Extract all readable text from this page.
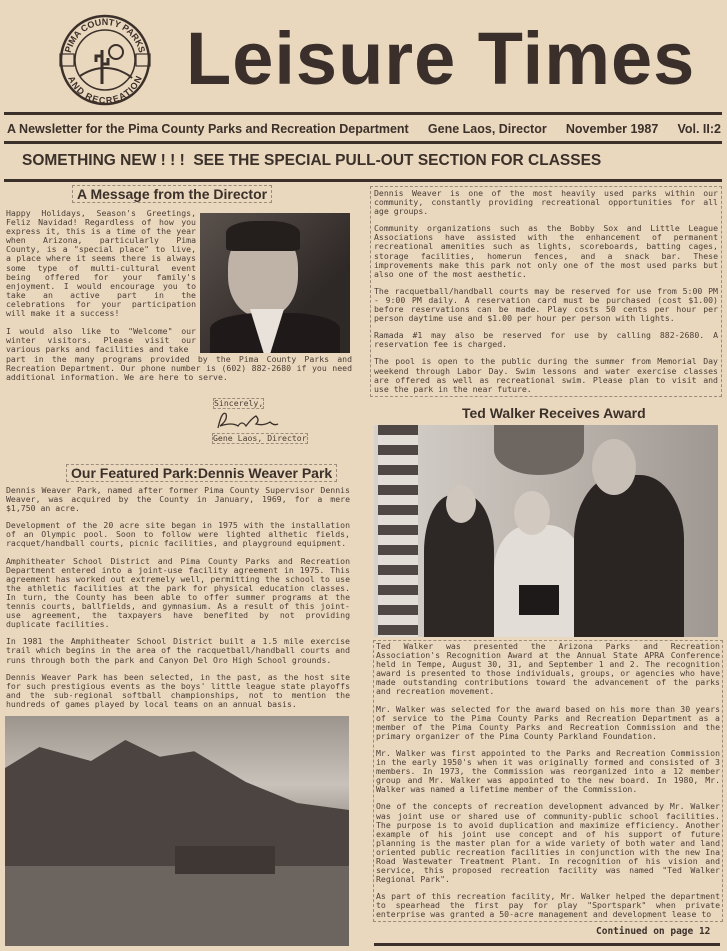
PIMA COUNTY PARKS
AND RECREATION Leisure Times
A Newsletter for the Pima County Parks and Recreation Department Gene Laos, Director November 1987 Vol. II:2
SOMETHING NEW ! ! !  SEE THE SPECIAL PULL-OUT SECTION FOR CLASSES
A Message from the Director
Happy Holidays, Season's Greetings, Feliz Navidad! Regardless of how you express it, this is a time of the year when Arizona, particularly Pima County, is a "special place" to live, a place where it seems there is always some type of multi-cultural event being offered for your family's enjoyment. I would encourage you to take an active part in the celebrations for your participation will make it a success!
I would also like to "Welcome" our winter visitors. Please visit our various parks and facilities and take
part in the many programs provided by the Pima County Parks and Recreation Department. Our phone number is (602) 882-2680 if you need additional information. We are here to serve.
Sincerely,
Gene Laos, Director
Our Featured Park:Dennis Weaver Park

Dennis Weaver Park, named after former Pima County Supervisor Dennis Weaver, was acquired by the County in January, 1969, for a mere $1,750 an acre.

Development of the 20 acre site began in 1975 with the installation of an Olympic pool. Soon to follow were lighted althetic fields, racquet/handball courts, picnic facilities, and playground equipment.

Amphitheater School District and Pima County Parks and Recreation Department entered into a joint-use facility agreement in 1975. This agreement has worked out extremely well, permitting the school to use the athletic facilities at the park for physical education classes. In turn, the County has been able to offer summer programs at the tennis courts, ballfields, and gymnasium. As a result of this joint-use agreement, the taxpayers have benefited by not providing duplicate facilities.

In 1981 the Amphitheater School District built a 1.5 mile exercise trail which begins in the area of the racquetball/handball courts and runs through both the park and Canyon Del Oro High School grounds.

Dennis Weaver Park has been selected, in the past, as the host site for such prestigious events as the boys' little league state playoffs and the sub-regional softball championships, not to mention the hundreds of games played by local teams on an annual basis.

Dennis Weaver is one of the most heavily used parks within our community, constantly providing recreational opportunities for all age groups.

Community organizations such as the Bobby Sox and Little League Associations have assisted with the enhancement of permanent recreational amenities such as lights, scoreboards, batting cages, storage facilities, homerun fences, and a snack bar. These improvements make this park not only one of the most used parks but also one of the most aesthetic.

The racquetball/handball courts may be reserved for use from 5:00 PM - 9:00 PM daily. A reservation card must be purchased (cost $1.00) before reservations can be made. Play costs 50 cents per hour per person daytime use and $1.00 per hour per person with lights.

Ramada #1 may also be reserved for use by calling 882-2680. A reservation fee is charged.

The pool is open to the public during the summer from Memorial Day weekend through Labor Day. Swim lessons and water exercise classes are offered as well as recreational swim. Please plan to visit and use the park in the near future.

Ted Walker Receives Award

Ted Walker was presented the Arizona Parks and Recreation Association's Recognition Award at the Annual State APRA Conference held in Tempe, August 30, 31, and September 1 and 2. The recognition award is presented to those individuals, groups, or agencies who have made outstanding contributions toward the advancement of the parks and recreation movement.

Mr. Walker was selected for the award based on his more than 30 years of service to the Pima County Parks and Recreation Department as a member of the Pima County Parks and Recreation Commission and the primary organizer of the Pima County Parkland Foundation.

Mr. Walker was first appointed to the Parks and Recreation Commission in the early 1950's when it was originally formed and consisted of 3 members. In 1973, the Commission was reorganized into a 12 member group and Mr. Walker was appointed to the new board. In 1980, Mr. Walker was named a lifetime member of the Commission.

One of the concepts of recreation development advanced by Mr. Walker was joint use or shared use of community-public school facilities. The purpose is to avoid duplication and maximize efficiency. Another example of his joint use concept and of his support of future planning is the master plan for a wide variety of both water and land oriented public recreation facilities in conjunction with the new Ina Road Wastewater Treatment Plant. In recognition of his vision and service, this proposed recreation facility was named "Ted Walker Regional Park".

As part of this recreation facility, Mr. Walker helped the department to spearhead the first pay for play "Sportspark" when private enterprise was granted a 50-acre management and development lease to

Continued on page 12
